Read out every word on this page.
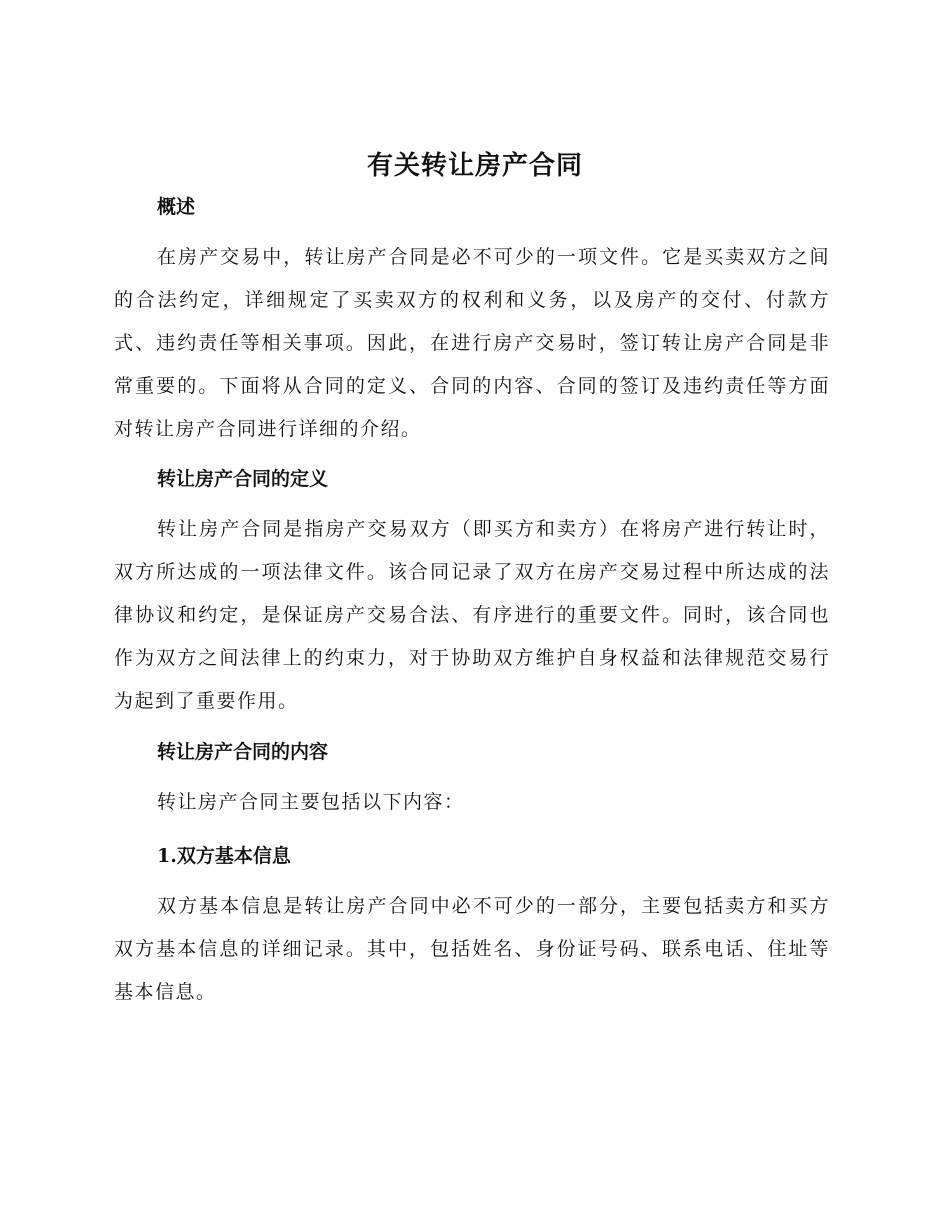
有关转让房产合同
概述

在房产交易中，转让房产合同是必不可少的一项文件。它是买卖双方之间的合法约定，详细规定了买卖双方的权利和义务，以及房产的交付、付款方式、违约责任等相关事项。因此，在进行房产交易时，签订转让房产合同是非常重要的。下面将从合同的定义、合同的内容、合同的签订及违约责任等方面对转让房产合同进行详细的介绍。

转让房产合同的定义

转让房产合同是指房产交易双方（即买方和卖方）在将房产进行转让时，双方所达成的一项法律文件。该合同记录了双方在房产交易过程中所达成的法律协议和约定，是保证房产交易合法、有序进行的重要文件。同时，该合同也作为双方之间法律上的约束力，对于协助双方维护自身权益和法律规范交易行为起到了重要作用。

转让房产合同的内容

转让房产合同主要包括以下内容：

1.双方基本信息

双方基本信息是转让房产合同中必不可少的一部分，主要包括卖方和买方双方基本信息的详细记录。其中，包括姓名、身份证号码、联系电话、住址等基本信息。
